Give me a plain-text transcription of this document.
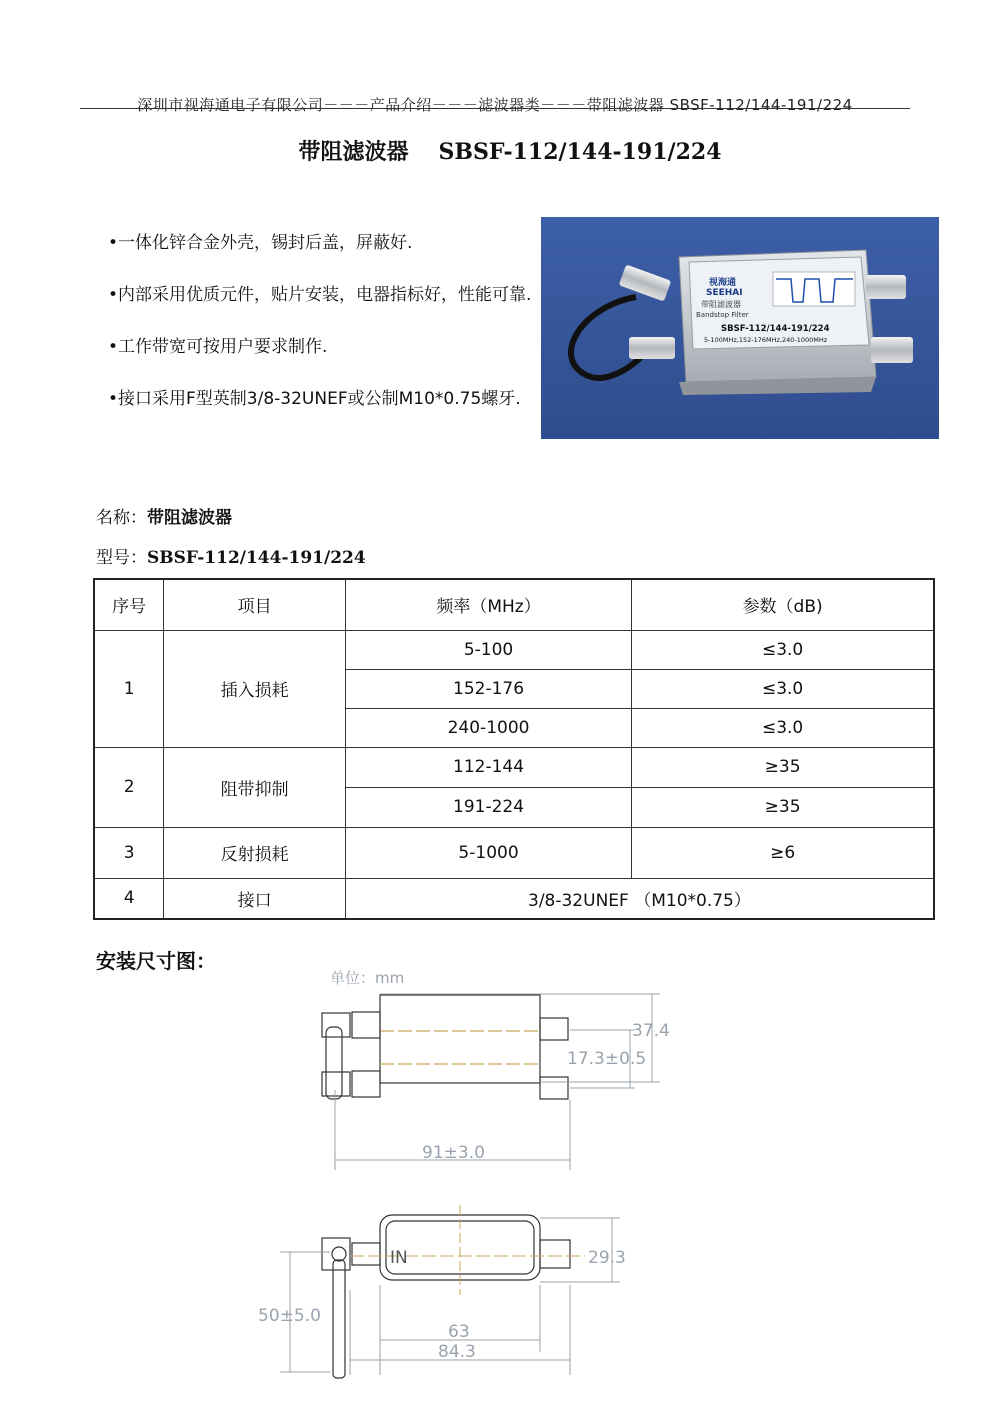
深圳市视海通电子有限公司－－－产品介绍－－－滤波器类－－－带阻滤波器 SBSF-112/144-191/224
带阻滤波器 SBSF-112/144-191/224
•一体化锌合金外壳，锡封后盖，屏蔽好.
•内部采用优质元件，贴片安装，电器指标好，性能可靠.
•工作带宽可按用户要求制作.
•接口采用F型英制3/8-32UNEF或公制M10*0.75螺牙.
视海通
SEEHAI
带阻滤波器
Bandstop Filter
SBSF-112/144-191/224
5-100MHz,152-176MHz,240-1000MHz
名称：带阻滤波器
型号：SBSF-112/144-191/224
序号	项目	频率（MHz）	参数（dB)
1	插入损耗	5-100	≤3.0
		152-176	≤3.0
		240-1000	≤3.0
2	阻带抑制	112-144	≥35
		191-224	≥35
3	反射损耗	5-1000	≥6
4	接口	3/8-32UNEF （M10*0.75）	
安装尺寸图：
单位：mm
37.4
17.3±0.5
91±3.0
IN	29.3
50±5.0
63
84.3
